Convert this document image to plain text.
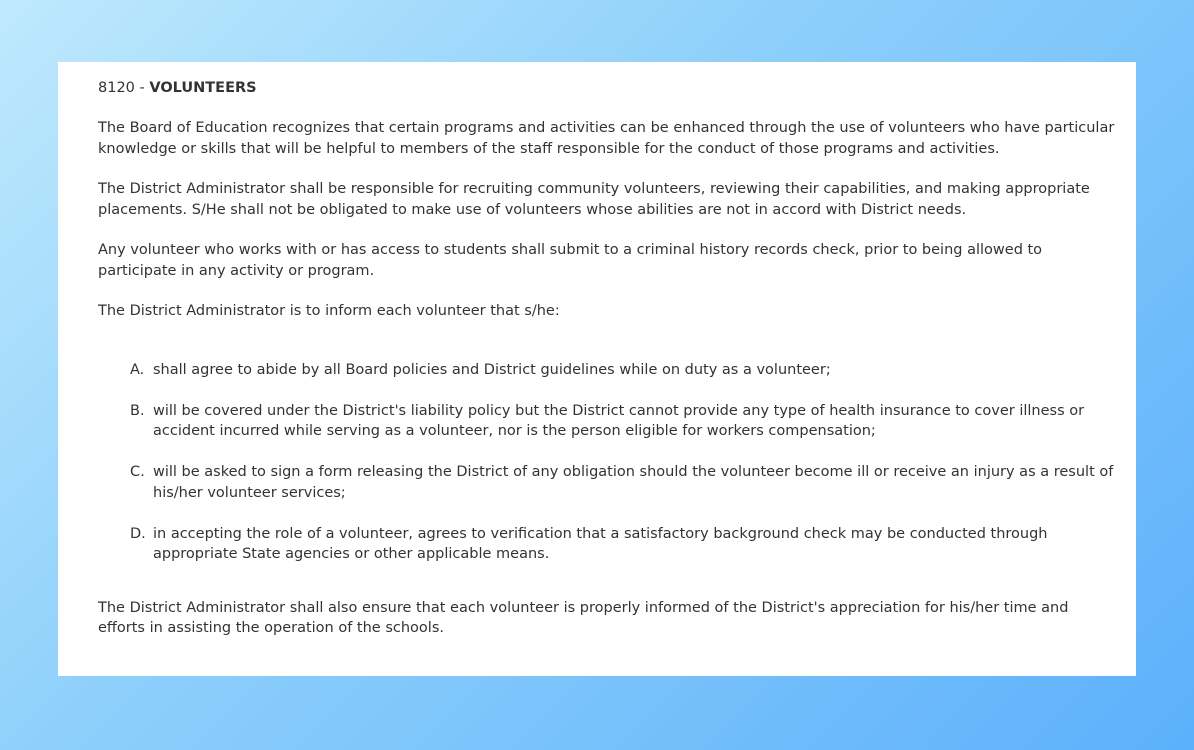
8120 - VOLUNTEERS

The Board of Education recognizes that certain programs and activities can be enhanced through the use of volunteers who have particular knowledge or skills that will be helpful to members of the staff responsible for the conduct of those programs and activities.

The District Administrator shall be responsible for recruiting community volunteers, reviewing their capabilities, and making appropriate placements. S/He shall not be obligated to make use of volunteers whose abilities are not in accord with District needs.

Any volunteer who works with or has access to students shall submit to a criminal history records check, prior to being allowed to participate in any activity or program.

The District Administrator is to inform each volunteer that s/he:

A. shall agree to abide by all Board policies and District guidelines while on duty as a volunteer;
B. will be covered under the District's liability policy but the District cannot provide any type of health insurance to cover illness or accident incurred while serving as a volunteer, nor is the person eligible for workers compensation;
C. will be asked to sign a form releasing the District of any obligation should the volunteer become ill or receive an injury as a result of his/her volunteer services;
D. in accepting the role of a volunteer, agrees to verification that a satisfactory background check may be conducted through appropriate State agencies or other applicable means.

The District Administrator shall also ensure that each volunteer is properly informed of the District's appreciation for his/her time and efforts in assisting the operation of the schools.
